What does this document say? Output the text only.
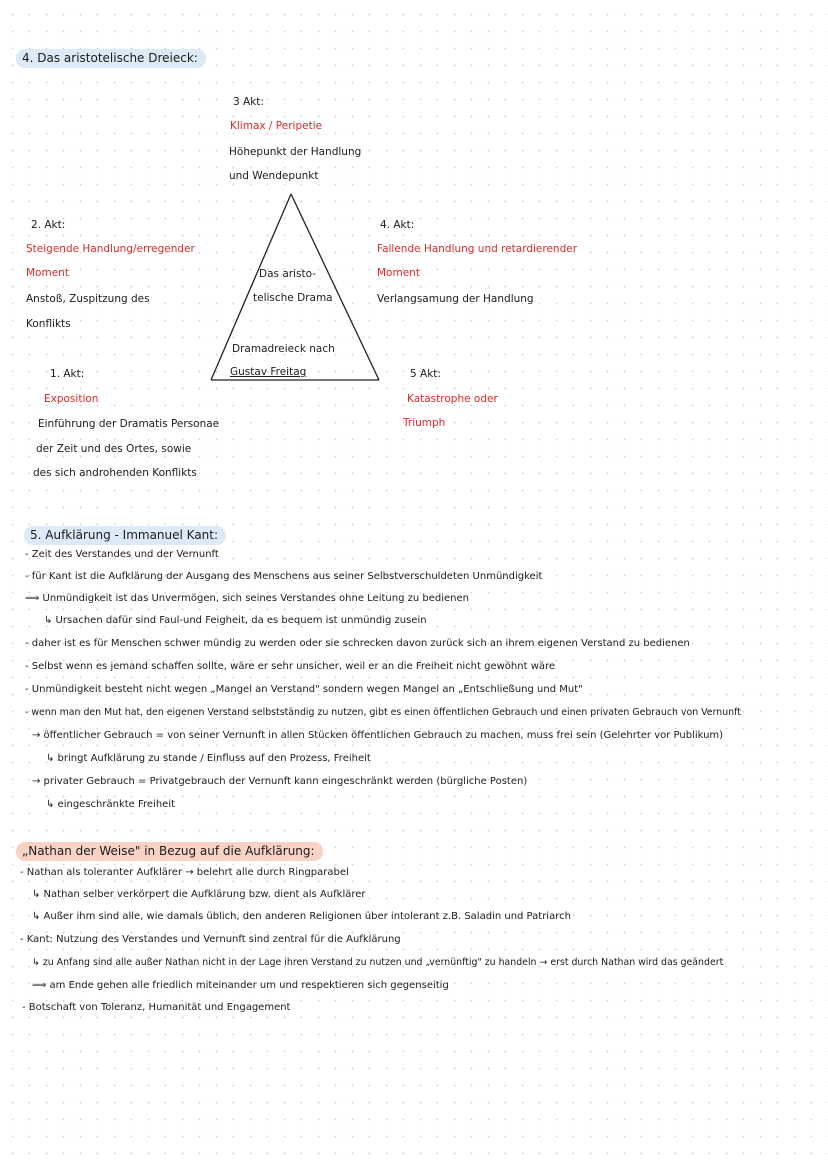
4. Das aristotelische Dreieck:
3 Akt:
Klimax / Peripetie
Höhepunkt der Handlung
und Wendepunkt
2. Akt:
Steigende Handlung/erregender
Moment
Anstoß, Zuspitzung des
Konflikts
4. Akt:
Fallende Handlung und retardierender
Moment
Verlangsamung der Handlung
Das aristo-
telische Drama
Dramadreieck nach
Gustav Freitag
1. Akt:
Exposition
Einführung der Dramatis Personae
der Zeit und des Ortes, sowie
des sich androhenden Konflikts
5 Akt:
Katastrophe oder
Triumph
5. Aufklärung - Immanuel Kant:
- Zeit des Verstandes und der Vernunft
- für Kant ist die Aufklärung der Ausgang des Menschens aus seiner Selbstverschuldeten Unmündigkeit
⟹ Unmündigkeit ist das Unvermögen, sich seines Verstandes ohne Leitung zu bedienen
↳ Ursachen dafür sind Faul-und Feigheit, da es bequem ist unmündig zusein
- daher ist es für Menschen schwer mündig zu werden oder sie schrecken davon zurück sich an ihrem eigenen Verstand zu bedienen
- Selbst wenn es jemand schaffen sollte, wäre er sehr unsicher, weil er an die Freiheit nicht gewöhnt wäre
- Unmündigkeit besteht nicht wegen „Mangel an Verstand" sondern wegen Mangel an „Entschließung und Mut"
- wenn man den Mut hat, den eigenen Verstand selbstständig zu nutzen, gibt es einen öffentlichen Gebrauch und einen privaten Gebrauch von Vernunft
→ öffentlicher Gebrauch = von seiner Vernunft in allen Stücken öffentlichen Gebrauch zu machen, muss frei sein (Gelehrter vor Publikum)
↳ bringt Aufklärung zu stande / Einfluss auf den Prozess, Freiheit
→ privater Gebrauch = Privatgebrauch der Vernunft kann eingeschränkt werden (bürgliche Posten)
↳ eingeschränkte Freiheit
„Nathan der Weise" in Bezug auf die Aufklärung:
- Nathan als toleranter Aufklärer → belehrt alle durch Ringparabel
↳ Nathan selber verkörpert die Aufklärung bzw. dient als Aufklärer
↳ Außer ihm sind alle, wie damals üblich, den anderen Religionen über intolerant z.B. Saladin und Patriarch
- Kant: Nutzung des Verstandes und Vernunft sind zentral für die Aufklärung
↳ zu Anfang sind alle außer Nathan nicht in der Lage ihren Verstand zu nutzen und „vernünftig" zu handeln → erst durch Nathan wird das geändert
⟹ am Ende gehen alle friedlich miteinander um und respektieren sich gegenseitig
- Botschaft von Toleranz, Humanität und Engagement
